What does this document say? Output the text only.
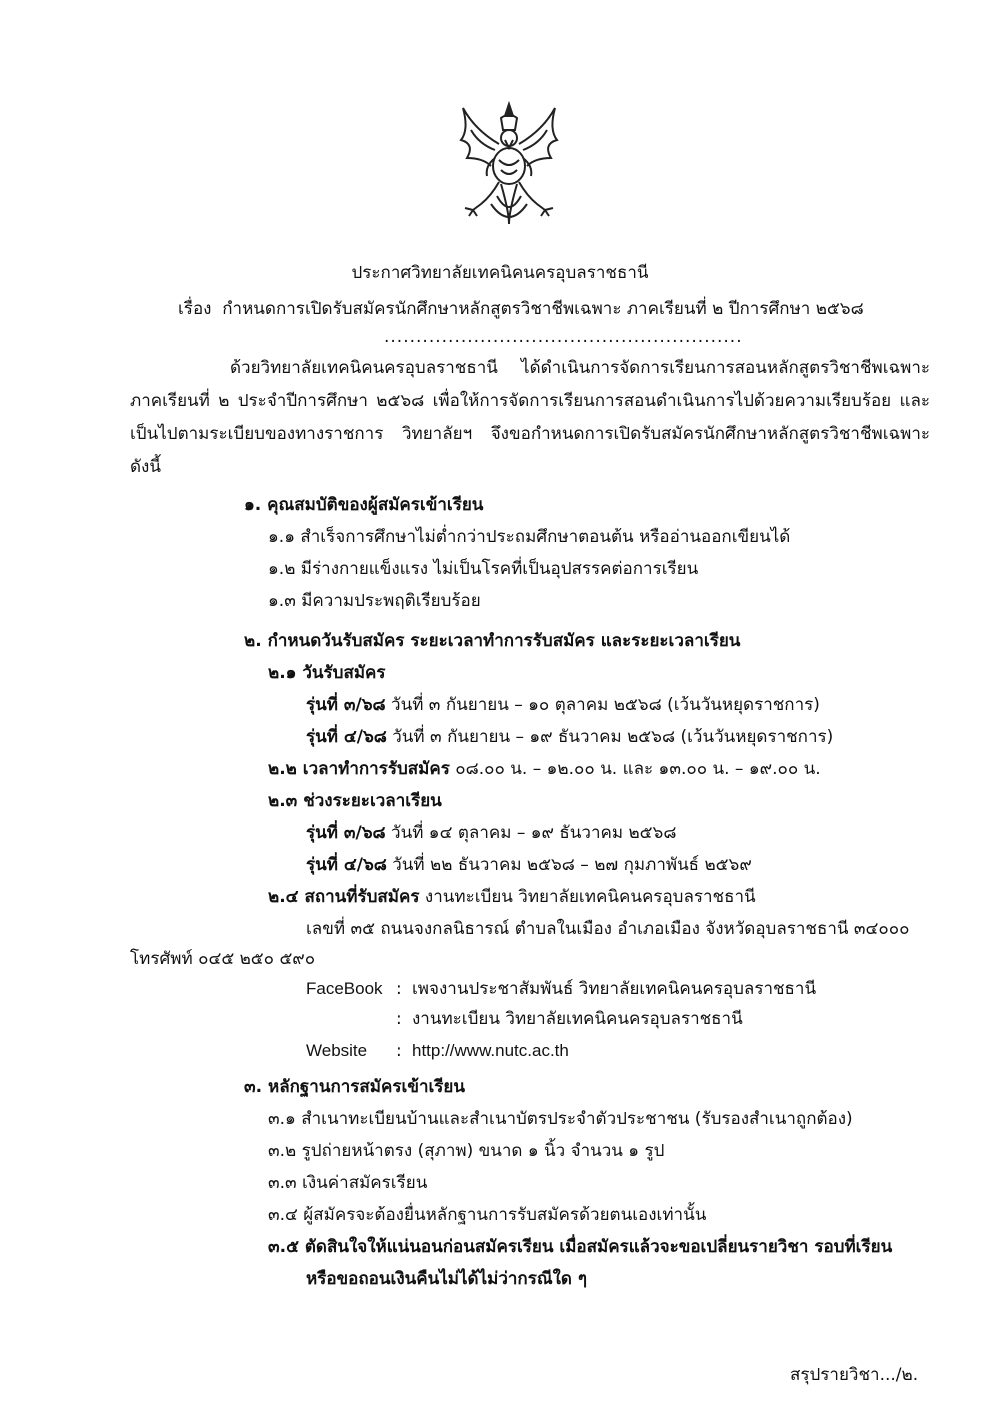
ประกาศวิทยาลัยเทคนิคนครอุบลราชธานี
เรื่อง กำหนดการเปิดรับสมัครนักศึกษาหลักสูตรวิชาชีพเฉพาะ ภาคเรียนที่ ๒ ปีการศึกษา ๒๕๖๘
........................................................
ด้วยวิทยาลัยเทคนิคนครอุบลราชธานี ได้ดำเนินการจัดการเรียนการสอนหลักสูตรวิชาชีพเฉพาะ ภาคเรียนที่ ๒ ประจำปีการศึกษา ๒๕๖๘ เพื่อให้การจัดการเรียนการสอนดำเนินการไปด้วยความเรียบร้อย และเป็นไปตามระเบียบของทางราชการ วิทยาลัยฯ จึงขอกำหนดการเปิดรับสมัครนักศึกษาหลักสูตรวิชาชีพเฉพาะ ดังนี้
๑. คุณสมบัติของผู้สมัครเข้าเรียน
๑.๑ สำเร็จการศึกษาไม่ต่ำกว่าประถมศึกษาตอนต้น หรืออ่านออกเขียนได้
๑.๒ มีร่างกายแข็งแรง ไม่เป็นโรคที่เป็นอุปสรรคต่อการเรียน
๑.๓ มีความประพฤติเรียบร้อย
๒. กำหนดวันรับสมัคร ระยะเวลาทำการรับสมัคร และระยะเวลาเรียน
๒.๑ วันรับสมัคร
รุ่นที่ ๓/๖๘ วันที่ ๓ กันยายน – ๑๐ ตุลาคม ๒๕๖๘ (เว้นวันหยุดราชการ)
รุ่นที่ ๔/๖๘ วันที่ ๓ กันยายน – ๑๙ ธันวาคม ๒๕๖๘ (เว้นวันหยุดราชการ)
๒.๒ เวลาทำการรับสมัคร ๐๘.๐๐ น. – ๑๒.๐๐ น. และ ๑๓.๐๐ น. – ๑๙.๐๐ น.
๒.๓ ช่วงระยะเวลาเรียน
รุ่นที่ ๓/๖๘ วันที่ ๑๔ ตุลาคม – ๑๙ ธันวาคม ๒๕๖๘
รุ่นที่ ๔/๖๘ วันที่ ๒๒ ธันวาคม ๒๕๖๘ – ๒๗ กุมภาพันธ์ ๒๕๖๙
๒.๔ สถานที่รับสมัคร งานทะเบียน วิทยาลัยเทคนิคนครอุบลราชธานี
เลขที่ ๓๕ ถนนจงกลนิธารณ์ ตำบลในเมือง อำเภอเมือง จังหวัดอุบลราชธานี ๓๔๐๐๐
โทรศัพท์ ๐๔๕ ๒๕๐ ๕๙๐
FaceBook : เพจงานประชาสัมพันธ์ วิทยาลัยเทคนิคนครอุบลราชธานี
: งานทะเบียน วิทยาลัยเทคนิคนครอุบลราชธานี
Website : http://www.nutc.ac.th
๓. หลักฐานการสมัครเข้าเรียน
๓.๑ สำเนาทะเบียนบ้านและสำเนาบัตรประจำตัวประชาชน (รับรองสำเนาถูกต้อง)
๓.๒ รูปถ่ายหน้าตรง (สุภาพ) ขนาด ๑ นิ้ว จำนวน ๑ รูป
๓.๓ เงินค่าสมัครเรียน
๓.๔ ผู้สมัครจะต้องยื่นหลักฐานการรับสมัครด้วยตนเองเท่านั้น
๓.๕ ตัดสินใจให้แน่นอนก่อนสมัครเรียน เมื่อสมัครแล้วจะขอเปลี่ยนรายวิชา รอบที่เรียน
หรือขอถอนเงินคืนไม่ได้ไม่ว่ากรณีใด ๆ
สรุปรายวิชา.../๒.
